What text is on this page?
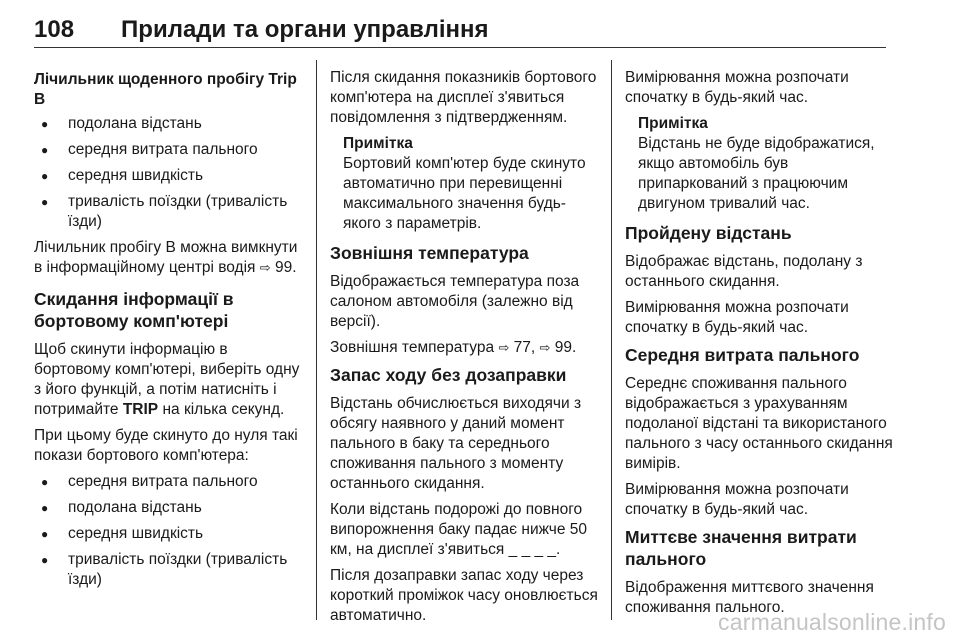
108 Прилади та органи управління
Лічильник щоденного пробігу Trip B
● подолана відстань
● середня витрата пального
● середня швидкість
● тривалість поїздки (тривалість їзди)

Лічильник пробігу B можна вимкнути в інформаційному центрі водія ⇨ 99.

Скидання інформації в бортовому комп'ютері

Щоб скинути інформацію в бортовому комп'ютері, виберіть одну з його функцій, а потім натисніть і потримайте TRIP на кілька секунд.

При цьому буде скинуто до нуля такі покази бортового комп'ютера:

● середня витрата пального
● подолана відстань
● середня швидкість
● тривалість поїздки (тривалість їзди)

Після скидання показників бортового комп'ютера на дисплеї з'явиться повідомлення з підтвердженням.

Примітка
Бортовий комп'ютер буде скинуто автоматично при перевищенні максимального значення будь-якого з параметрів.
Зовнішня температура

Відображається температура поза салоном автомобіля (залежно від версії).

Зовнішня температура ⇨ 77, ⇨ 99.

Запас ходу без дозаправки

Відстань обчислюється виходячи з обсягу наявного у даний момент пального в баку та середнього споживання пального з моменту останнього скидання.

Коли відстань подорожі до повного випорожнення баку падає нижче 50 км, на дисплеї з'явиться _ _ _ _.

Після дозаправки запас ходу через короткий проміжок часу оновлюється автоматично.

Вимірювання можна розпочати спочатку в будь-який час.

Примітка
Відстань не буде відображатися, якщо автомобіль був припаркований з працюючим двигуном тривалий час.
Пройдену відстань

Відображає відстань, подолану з останнього скидання.

Вимірювання можна розпочати спочатку в будь-який час.

Середня витрата пального

Середнє споживання пального відображається з урахуванням подоланої відстані та використаного пального з часу останнього скидання вимірів.

Вимірювання можна розпочати спочатку в будь-який час.

Миттєве значення витрати пального

Відображення миттєвого значення споживання пального.

carmanualsonline.info
